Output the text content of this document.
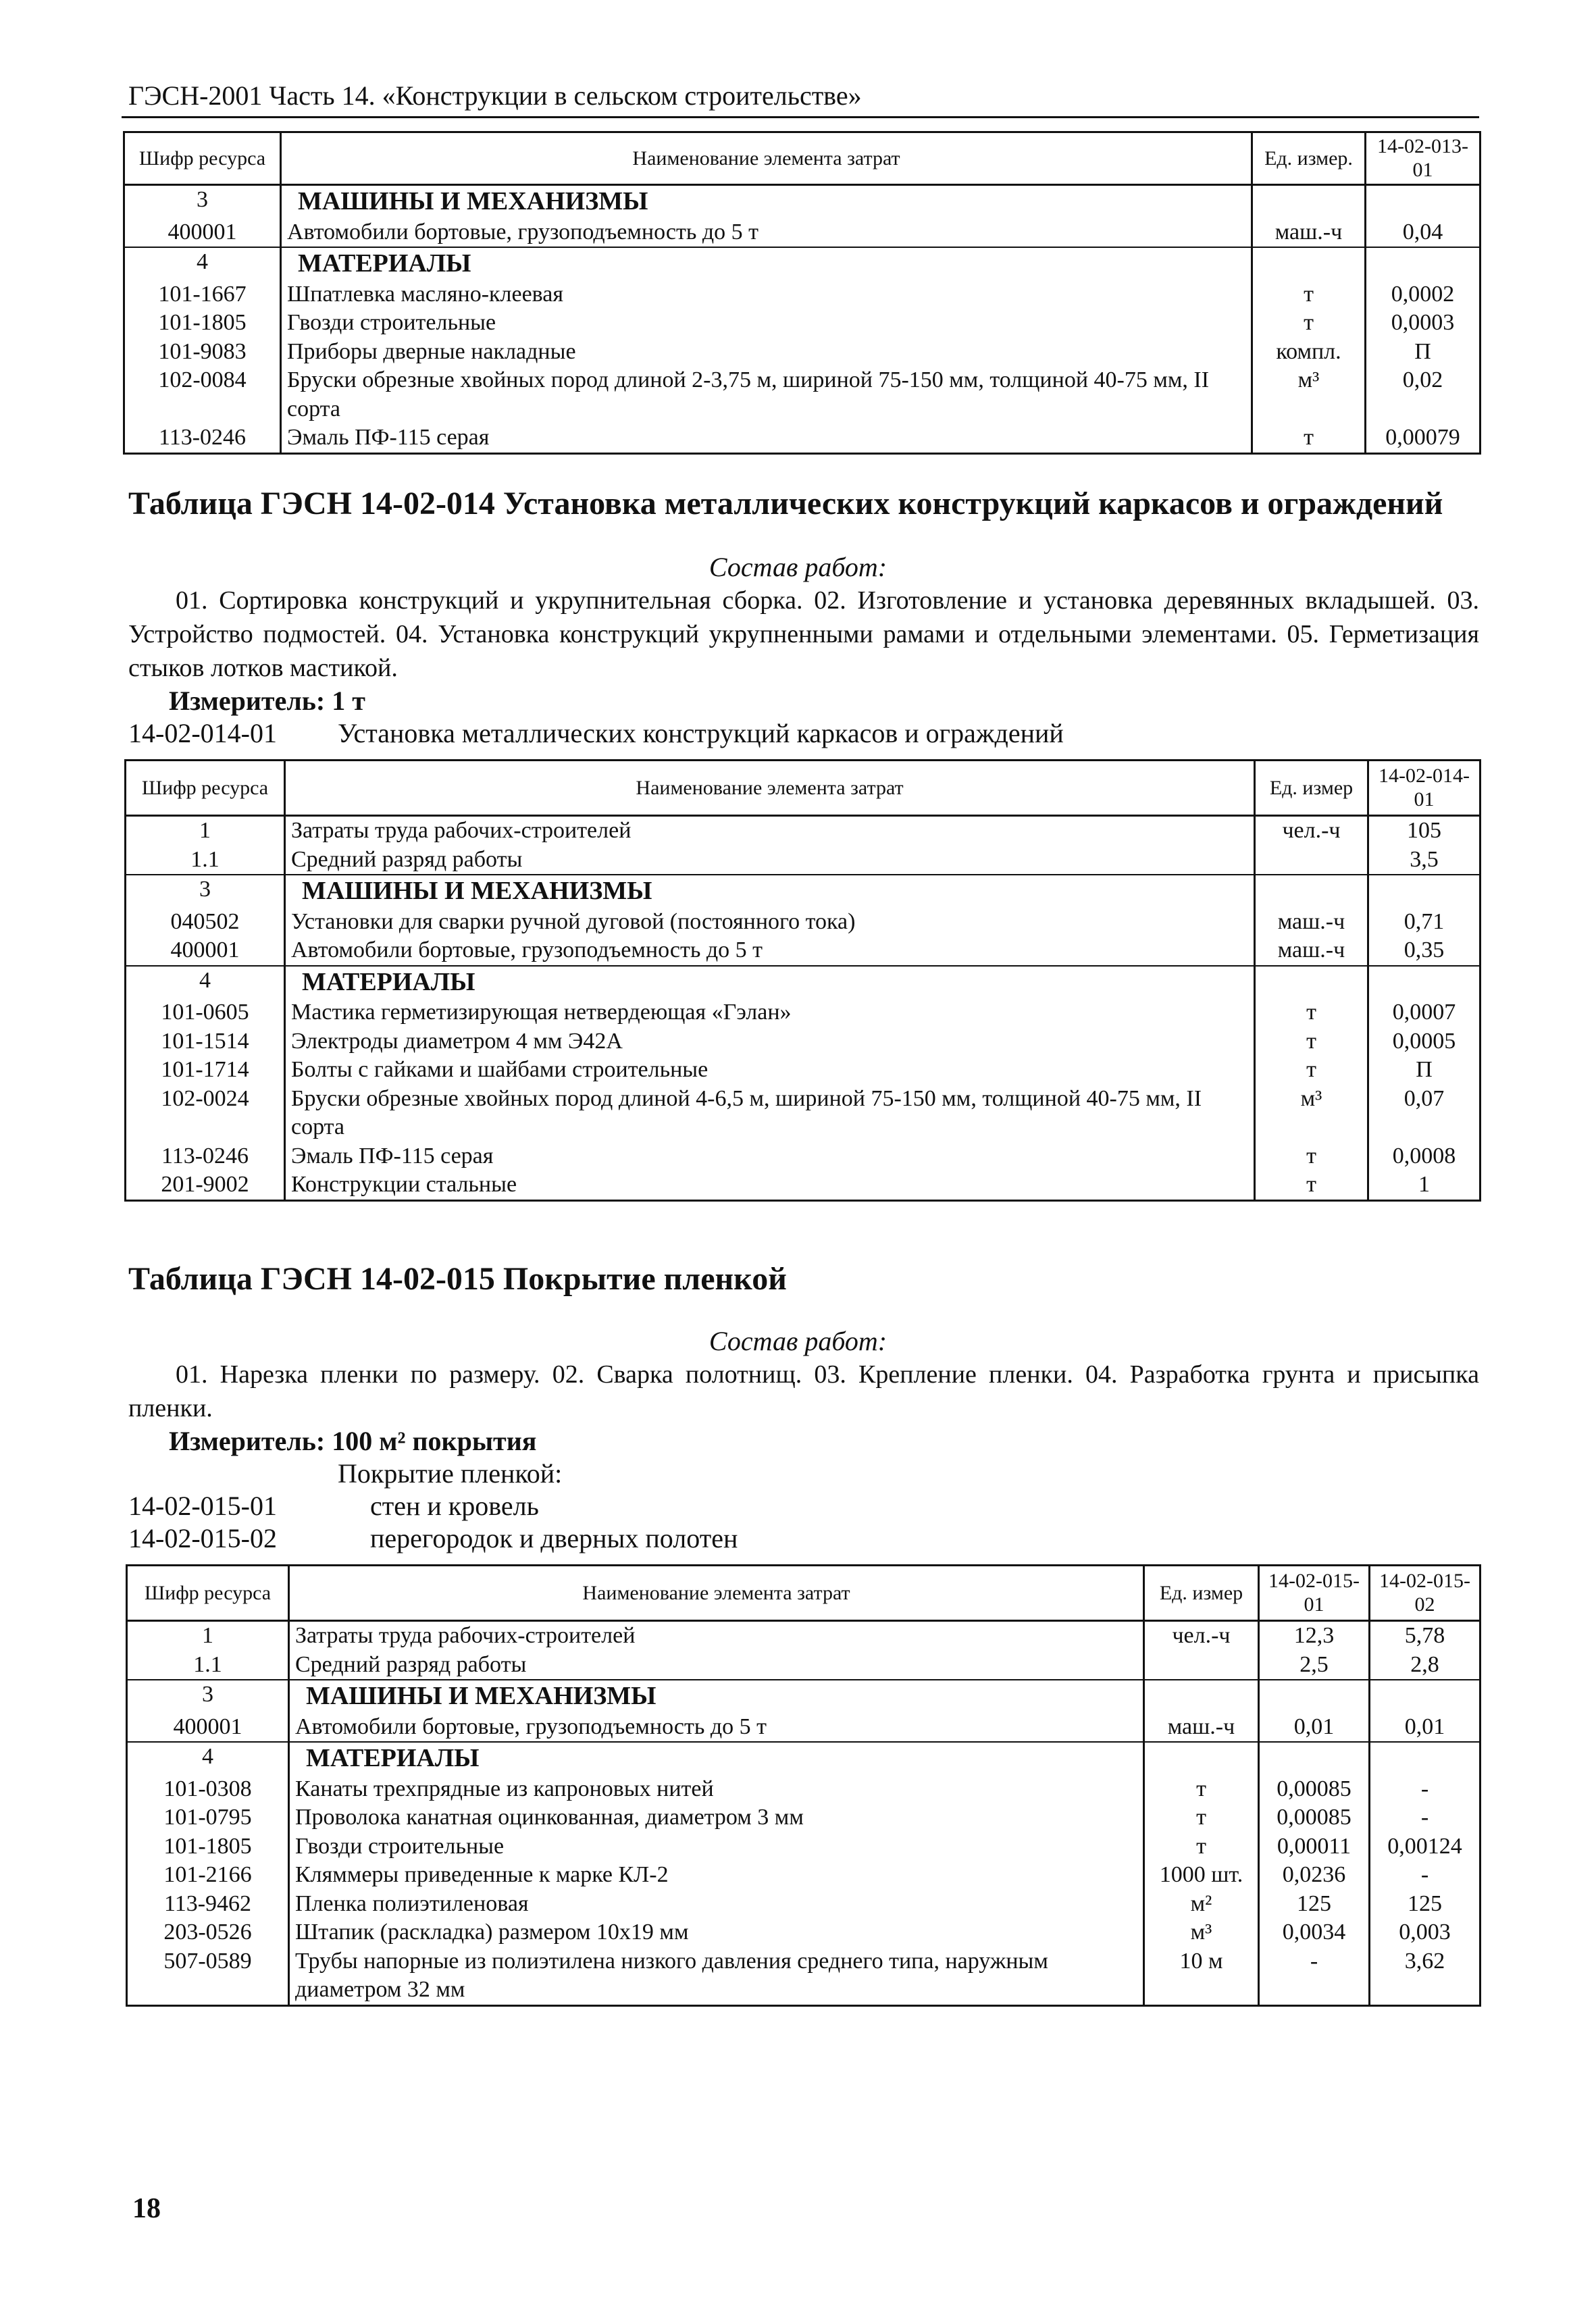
ГЭСН-2001 Часть 14. «Конструкции в сельском строительстве»
Шифр ресурса	Наименование элемента затрат	Ед. измер.	14-02-013-01
3	МАШИНЫ И МЕХАНИЗМЫ		
400001	Автомобили бортовые, грузоподъемность до 5 т	маш.-ч	0,04
4	МАТЕРИАЛЫ		
101-1667	Шпатлевка масляно-клеевая	т	0,0002
101-1805	Гвозди строительные	т	0,0003
101-9083	Приборы дверные накладные	компл.	П
102-0084	Бруски обрезные хвойных пород длиной 2-3,75 м, шириной 75-150 мм, толщиной 40-75 мм, II сорта	м³	0,02
113-0246	Эмаль ПФ-115 серая	т	0,00079
Таблица ГЭСН 14-02-014 Установка металлических конструкций каркасов и ограждений
Состав работ:
01. Сортировка конструкций и укрупнительная сборка. 02. Изготовление и установка деревянных вкладышей. 03. Устройство подмостей. 04. Установка конструкций укрупненными рамами и отдельными элементами. 05. Герметизация стыков лотков мастикой.
Измеритель: 1 т
14-02-014-01 Установка металлических конструкций каркасов и ограждений
Шифр ресурса	Наименование элемента затрат	Ед. измер	14-02-014-01
1	Затраты труда рабочих-строителей	чел.-ч	105
1.1	Средний разряд работы		3,5
3	МАШИНЫ И МЕХАНИЗМЫ		
040502	Установки для сварки ручной дуговой (постоянного тока)	маш.-ч	0,71
400001	Автомобили бортовые, грузоподъемность до 5 т	маш.-ч	0,35
4	МАТЕРИАЛЫ		
101-0605	Мастика герметизирующая нетвердеющая «Гэлан»	т	0,0007
101-1514	Электроды диаметром 4 мм Э42А	т	0,0005
101-1714	Болты с гайками и шайбами строительные	т	П
102-0024	Бруски обрезные хвойных пород длиной 4-6,5 м, шириной 75-150 мм, толщиной 40-75 мм, II сорта	м³	0,07
113-0246	Эмаль ПФ-115 серая	т	0,0008
201-9002	Конструкции стальные	т	1
Таблица ГЭСН 14-02-015 Покрытие пленкой
Состав работ:
01. Нарезка пленки по размеру. 02. Сварка полотнищ. 03. Крепление пленки. 04. Разработка грунта и присыпка пленки.
Измеритель: 100 м² покрытия
Покрытие пленкой:
14-02-015-01	стен и кровель
14-02-015-02	перегородок и дверных полотен
Шифр ресурса	Наименование элемента затрат	Ед. измер	14-02-015-01	14-02-015-02
1	Затраты труда рабочих-строителей	чел.-ч	12,3	5,78
1.1	Средний разряд работы		2,5	2,8
3	МАШИНЫ И МЕХАНИЗМЫ			
400001	Автомобили бортовые, грузоподъемность до 5 т	маш.-ч	0,01	0,01
4	МАТЕРИАЛЫ			
101-0308	Канаты трехпрядные из капроновых нитей	т	0,00085	-
101-0795	Проволока канатная оцинкованная, диаметром 3 мм	т	0,00085	-
101-1805	Гвозди строительные	т	0,00011	0,00124
101-2166	Кляммеры приведенные к марке КЛ-2	1000 шт.	0,0236	-
113-9462	Пленка полиэтиленовая	м²	125	125
203-0526	Штапик (раскладка) размером 10х19 мм	м³	0,0034	0,003
507-0589	Трубы напорные из полиэтилена низкого давления среднего типа, наружным диаметром 32 мм	10 м	-	3,62
18
